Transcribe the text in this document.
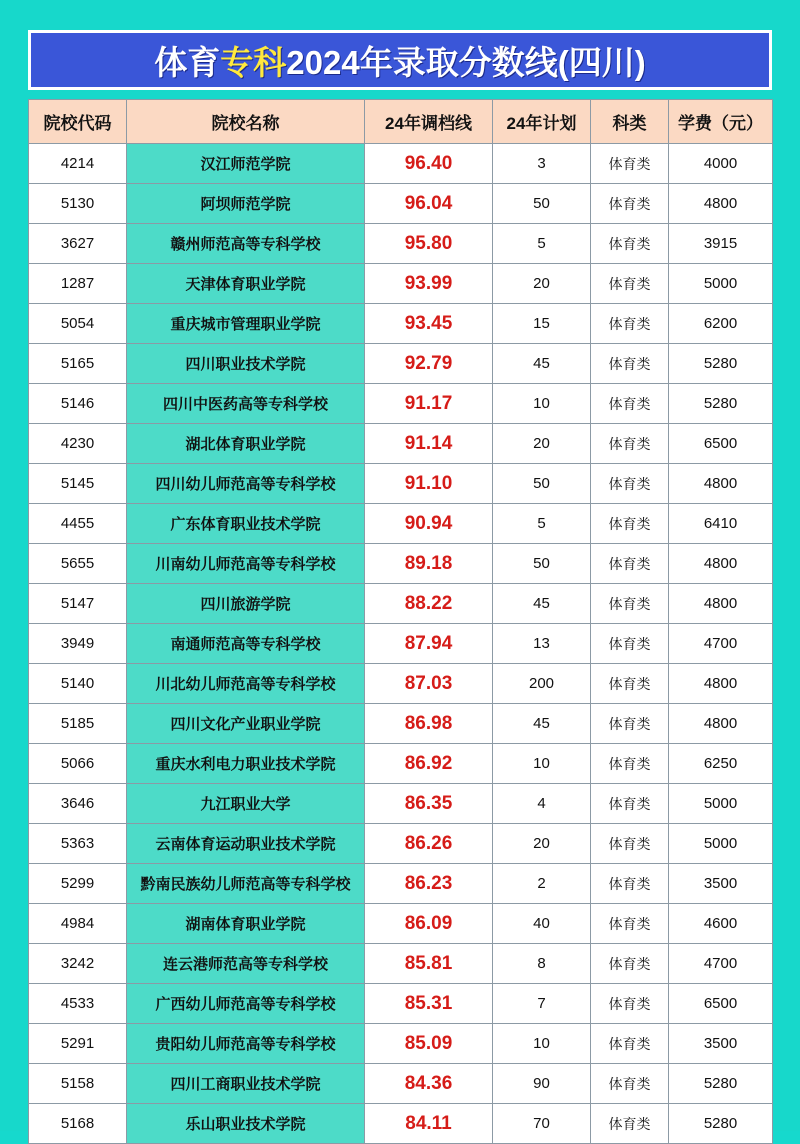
体育专科2024年录取分数线(四川)
院校代码	院校名称	24年调档线	24年计划	科类	学费（元）
4214	汉江师范学院	96.40	3	体育类	4000
5130	阿坝师范学院	96.04	50	体育类	4800
3627	赣州师范高等专科学校	95.80	5	体育类	3915
1287	天津体育职业学院	93.99	20	体育类	5000
5054	重庆城市管理职业学院	93.45	15	体育类	6200
5165	四川职业技术学院	92.79	45	体育类	5280
5146	四川中医药高等专科学校	91.17	10	体育类	5280
4230	湖北体育职业学院	91.14	20	体育类	6500
5145	四川幼儿师范高等专科学校	91.10	50	体育类	4800
4455	广东体育职业技术学院	90.94	5	体育类	6410
5655	川南幼儿师范高等专科学校	89.18	50	体育类	4800
5147	四川旅游学院	88.22	45	体育类	4800
3949	南通师范高等专科学校	87.94	13	体育类	4700
5140	川北幼儿师范高等专科学校	87.03	200	体育类	4800
5185	四川文化产业职业学院	86.98	45	体育类	4800
5066	重庆水利电力职业技术学院	86.92	10	体育类	6250
3646	九江职业大学	86.35	4	体育类	5000
5363	云南体育运动职业技术学院	86.26	20	体育类	5000
5299	黔南民族幼儿师范高等专科学校	86.23	2	体育类	3500
4984	湖南体育职业学院	86.09	40	体育类	4600
3242	连云港师范高等专科学校	85.81	8	体育类	4700
4533	广西幼儿师范高等专科学校	85.31	7	体育类	6500
5291	贵阳幼儿师范高等专科学校	85.09	10	体育类	3500
5158	四川工商职业技术学院	84.36	90	体育类	5280
5168	乐山职业技术学院	84.11	70	体育类	5280
